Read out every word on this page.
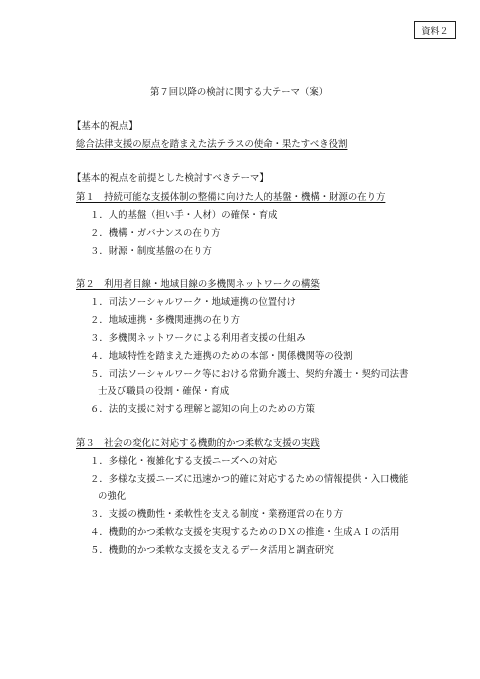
資料２
第７回以降の検討に関する大テーマ（案）
【基本的視点】
総合法律支援の原点を踏まえた法テラスの使命・果たすべき役割
【基本的視点を前提とした検討すべきテーマ】
第１　持続可能な支援体制の整備に向けた人的基盤・機構・財源の在り方
１．人的基盤（担い手・人材）の確保・育成
２．機構・ガバナンスの在り方
３．財源・制度基盤の在り方
第２　利用者目線・地域目線の多機関ネットワークの構築
１．司法ソーシャルワーク・地域連携の位置付け
２．地域連携・多機関連携の在り方
３．多機関ネットワークによる利用者支援の仕組み
４．地域特性を踏まえた連携のための本部・関係機関等の役割
５．司法ソーシャルワーク等における常勤弁護士、契約弁護士・契約司法書
士及び職員の役割・確保・育成
６．法的支援に対する理解と認知の向上のための方策
第３　社会の変化に対応する機動的かつ柔軟な支援の実践
１．多様化・複雑化する支援ニーズへの対応
２．多様な支援ニーズに迅速かつ的確に対応するための情報提供・入口機能
の強化
３．支援の機動性・柔軟性を支える制度・業務運営の在り方
４．機動的かつ柔軟な支援を実現するためのＤＸの推進・生成ＡＩの活用
５．機動的かつ柔軟な支援を支えるデータ活用と調査研究
